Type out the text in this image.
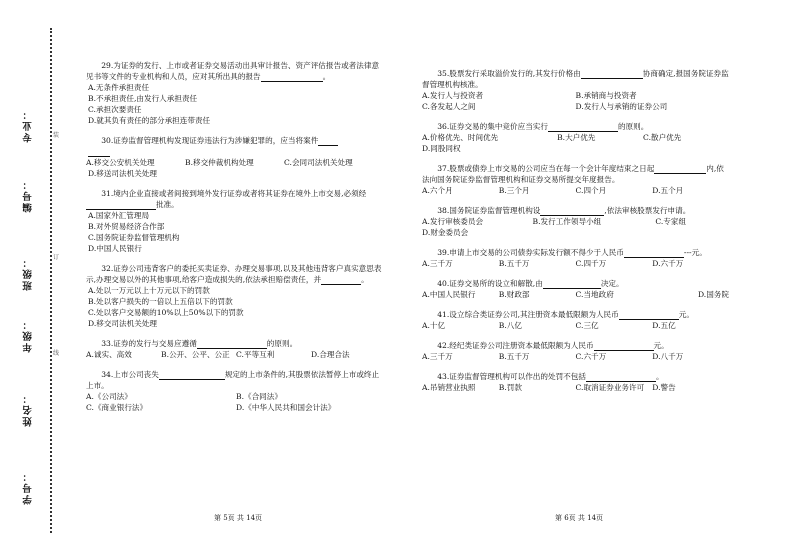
专业：
编号：
班级：
年级：
姓名：
学号：
装
订
线
29.为证券的发行、上市或者证券交易活动出具审计报告、资产评估报告或者法律意见书等文件的专业机构和人员，应对其所出具的报告	。
A.无条件承担责任
B.不承担责任,由发行人承担责任
C.承担次要责任
D.就其负有责任的部分承担连带责任
30.证券监督管理机构发现证券违法行为涉嫌犯罪的，应当将案件
A.移交公安机关处理	B.移交仲裁机构处理	C.会同司法机关处理
D.移送司法机关处理
31.境内企业直接或者间接到境外发行证券或者将其证券在境外上市交易,必须经批准。
A.国家外汇管理局
B.对外贸易经济合作部
C.国务院证券监督管理机构
D.中国人民银行
32.证券公司违背客户的委托买卖证券、办理交易事项,以及其他违背客户真实意思表示,办理交易以外的其他事项,给客户造成损失的,依法承担赔偿责任，并	。
A.处以一万元以上十万元以下的罚款
B.处以客户损失的一倍以上五倍以下的罚款
C.处以客户交易额的10%以上50%以下的罚款
D.移交司法机关处理
33.证券的发行与交易应遵循	的原则。
A.诚实、高效	B.公开、公平、公正 C.平等互利	D.合理合法
34.上市公司丧失	规定的上市条件的,其股票依法暂停上市或终止上市。
A.《公司法》	B.《合同法》
C.《商业银行法》	D.《中华人民共和国会计法》
35.股票发行采取溢价发行的,其发行价格由	协商确定,报国务院证券监督管理机构核准。
A.发行人与投资者	B.承销商与投资者
C.各发起人之间	D.发行人与承销的证券公司
36.证券交易的集中竞价应当实行	的原则。
A.价格优先、时间优先	B.大户优先	C.散户优先
D.同股同权
37.股票或债券上市交易的公司应当在每一个会计年度结束之日起	内,依法向国务院证券监督管理机构和证券交易所提交年度报告。
A.六个月	B.三个月	C.四个月	D.五个月
38.国务院证券监督管理机构设	,依法审核股票发行申请。
A.发行审核委员会	B.发行工作领导小组	C.专家组
D.财金委员会
39.申请上市交易的公司债券实际发行额不得少于人民币	---元。
A.三千万	B.五千万	C.四千万	D.六千万
40.证券交易所的设立和解散,由	决定。
A.中国人民银行	B.财政部	C.当地政府	D.国务院
41.设立综合类证券公司,其注册资本最低限额为人民币	元。
A.十亿	B.八亿	C.三亿	D.五亿
42.经纪类证券公司注册资本最低限额为人民币	元。
A.三千万	B.五千万	C.六千万	D.八千万
43.证券监督管理机构可以作出的处罚不包括	。
A.吊销营业执照	B.罚款	C.取消证券业务许可	D.警告
第 5页 共 14页	第 6页 共 14页
